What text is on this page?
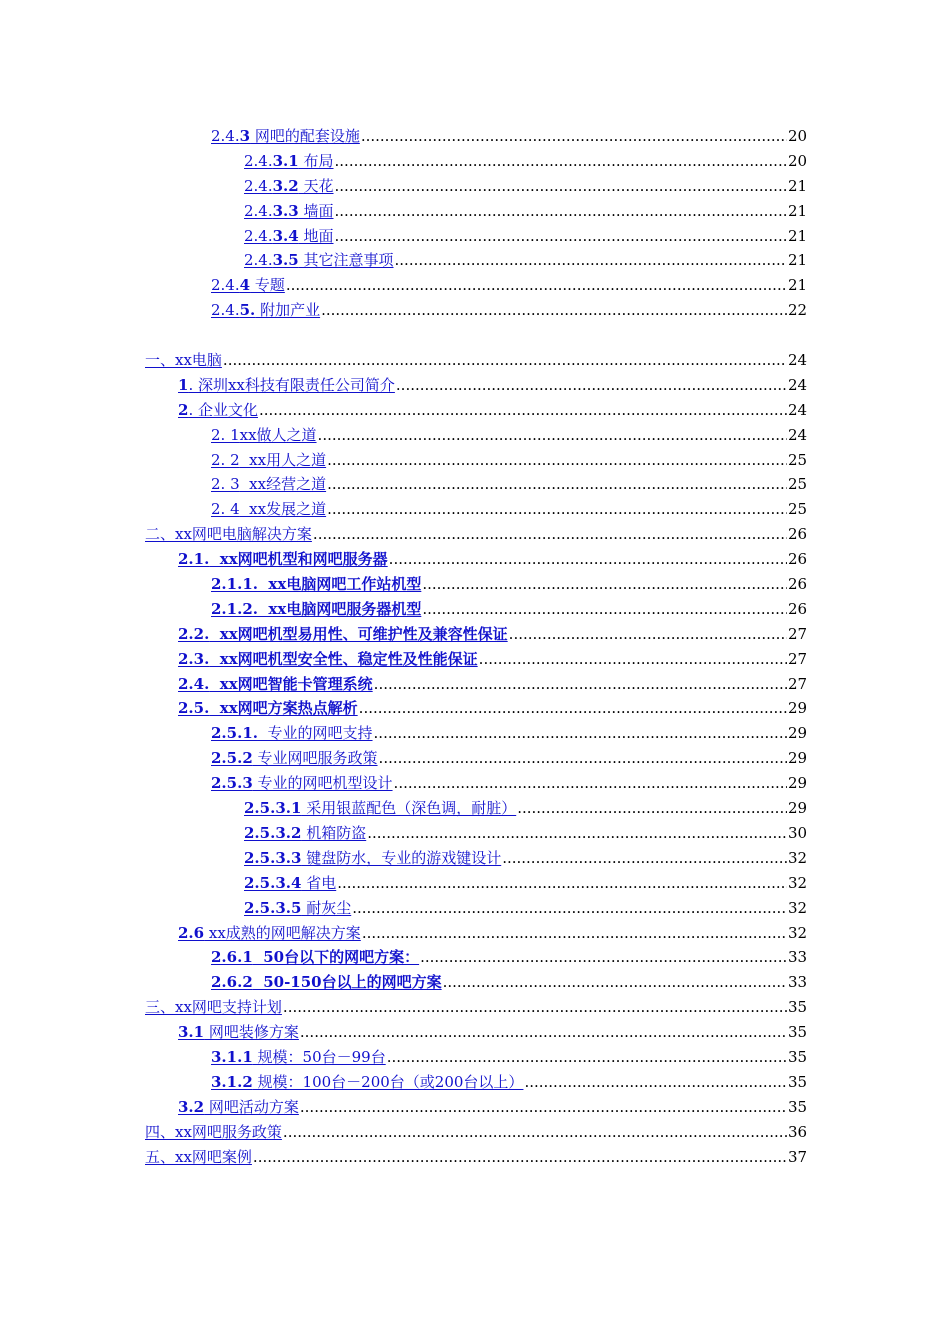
2.4.3 网吧的配套设施 .....	20
2.4.3.1 布局 .....	20
2.4.3.2 天花 .....	21
2.4.3.3 墙面 .....	21
2.4.3.4 地面 .....	21
2.4.3.5 其它注意事项 .....	21
2.4.4 专题 .....	21
2.4.5. 附加产业 .....	22
一、xx电脑 .....	24
1. 深圳xx科技有限责任公司简介 .....	24
2. 企业文化 .....	24
2. 1xx做人之道 .....	24
2. 2  xx用人之道 .....	25
2. 3  xx经营之道 .....	25
2. 4  xx发展之道 .....	25
二、xx网吧电脑解决方案 .....	26
2.1.  xx网吧机型和网吧服务器 .....	26
2.1.1.  xx电脑网吧工作站机型 .....	26
2.1.2.  xx电脑网吧服务器机型 .....	26
2.2.  xx网吧机型易用性、可维护性及兼容性保证 .....	27
2.3.  xx网吧机型安全性、稳定性及性能保证 .....	27
2.4.  xx网吧智能卡管理系统 .....	27
2.5.  xx网吧方案热点解析 .....	29
2.5.1.  专业的网吧支持 .....	29
2.5.2 专业网吧服务政策 .....	29
2.5.3 专业的网吧机型设计 .....	29
2.5.3.1 采用银蓝配色（深色调，耐脏） .....	29
2.5.3.2 机箱防盗 .....	30
2.5.3.3 键盘防水，专业的游戏键设计 .....	32
2.5.3.4 省电 .....	32
2.5.3.5 耐灰尘 .....	32
2.6 xx成熟的网吧解决方案 .....	32
2.6.1  50台以下的网吧方案： .....	33
2.6.2  50-150台以上的网吧方案 .....	33
三、xx网吧支持计划 .....	35
3.1 网吧装修方案 .....	35
3.1.1 规模：50台－99台 .....	35
3.1.2 规模：100台－200台（或200台以上） .....	35
3.2 网吧活动方案 .....	35
四、xx网吧服务政策 .....	36
五、xx网吧案例 .....	37
